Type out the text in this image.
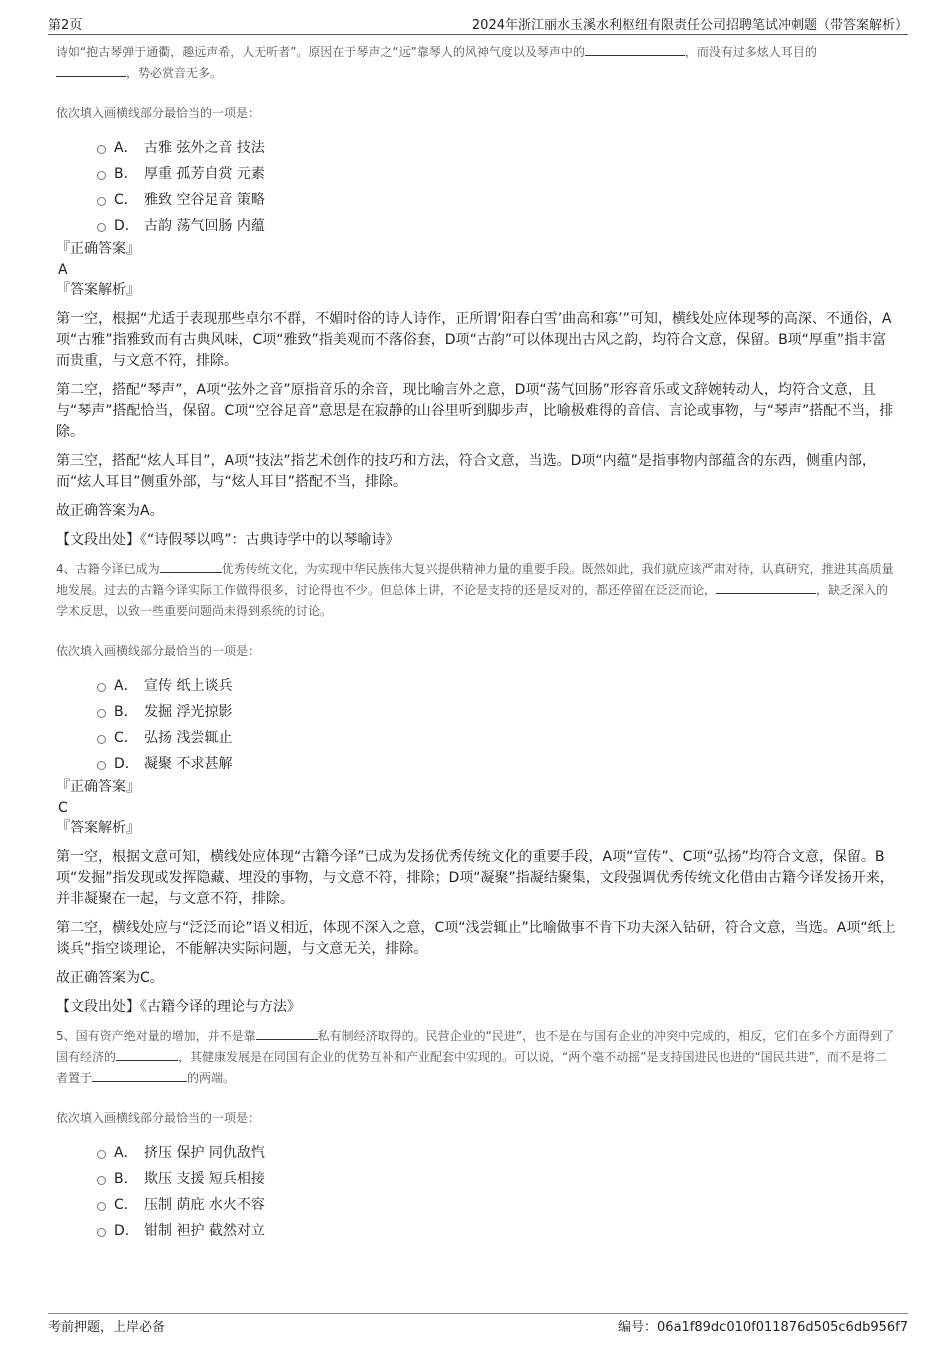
第2页	2024年浙江丽水玉溪水利枢纽有限责任公司招聘笔试冲刺题（带答案解析）

诗如“抱古琴弹于通衢，趣远声希，人无听者”。原因在于琴声之“远”靠琴人的风神气度以及琴声中的	，而没有过多炫人耳目的
，势必赏音无多。

依次填入画横线部分最恰当的一项是：

A． 古雅 弦外之音 技法
B． 厚重 孤芳自赏 元素
C． 雅致 空谷足音 策略
D． 古韵 荡气回肠 内蕴

『正确答案』

A

『答案解析』

第一空，根据“尤适于表现那些卓尔不群，不媚时俗的诗人诗作，正所谓‘阳春白雪’曲高和寡’”可知，横线处应体现琴的高深、不通俗，A项“古雅”指雅致而有古典风味，C项“雅致”指美观而不落俗套，D项“古韵”可以体现出古风之韵，均符合文意，保留。B项“厚重”指丰富而贵重，与文意不符，排除。

第二空，搭配“琴声”，A项“弦外之音”原指音乐的余音，现比喻言外之意，D项“荡气回肠”形容音乐或文辞婉转动人，均符合文意，且与“琴声”搭配恰当，保留。C项“空谷足音”意思是在寂静的山谷里听到脚步声，比喻极难得的音信、言论或事物，与“琴声”搭配不当，排除。

第三空，搭配“炫人耳目”，A项“技法”指艺术创作的技巧和方法，符合文意，当选。D项“内蕴”是指事物内部蕴含的东西，侧重内部，而“炫人耳目”侧重外部，与“炫人耳目”搭配不当，排除。

故正确答案为A。

【文段出处】《“诗假琴以鸣”：古典诗学中的以琴喻诗》

4、古籍今译已成为	优秀传统文化，为实现中华民族伟大复兴提供精神力量的重要手段。既然如此，我们就应该严肃对待，认真研究，推进其高质量地发展。过去的古籍今译实际工作做得很多，讨论得也不少。但总体上讲，不论是支持的还是反对的，都还停留在泛泛而论，	，缺乏深入的学术反思，以致一些重要问题尚未得到系统的讨论。

依次填入画横线部分最恰当的一项是：

A． 宣传 纸上谈兵
B． 发掘 浮光掠影
C． 弘扬 浅尝辄止
D． 凝聚 不求甚解

『正确答案』

C

『答案解析』

第一空，根据文意可知，横线处应体现“古籍今译”已成为发扬优秀传统文化的重要手段，A项“宣传”、C项“弘扬”均符合文意，保留。B项“发掘”指发现或发挥隐藏、埋没的事物，与文意不符，排除；D项“凝聚”指凝结聚集，文段强调优秀传统文化借由古籍今译发扬开来，并非凝聚在一起，与文意不符，排除。

第二空，横线处应与“泛泛而论”语义相近，体现不深入之意，C项“浅尝辄止”比喻做事不肯下功夫深入钻研，符合文意，当选。A项“纸上谈兵”指空谈理论，不能解决实际问题，与文意无关，排除。

故正确答案为C。

【文段出处】《古籍今译的理论与方法》

5、国有资产绝对量的增加，并不是靠	私有制经济取得的。民营企业的“民进”，也不是在与国有企业的冲突中完成的，相反，它们在多个方面得到了国有经济的	，其健康发展是在同国有企业的优势互补和产业配套中实现的。可以说，“两个毫不动摇”是支持国进民也进的“国民共进”，而不是将二者置于	的两端。

依次填入画横线部分最恰当的一项是：

A． 挤压 保护 同仇敌忾
B． 欺压 支援 短兵相接
C． 压制 荫庇 水火不容
D． 钳制 袒护 截然对立
考前押题，上岸必备	编号：06a1f89dc010f011876d505c6db956f7
